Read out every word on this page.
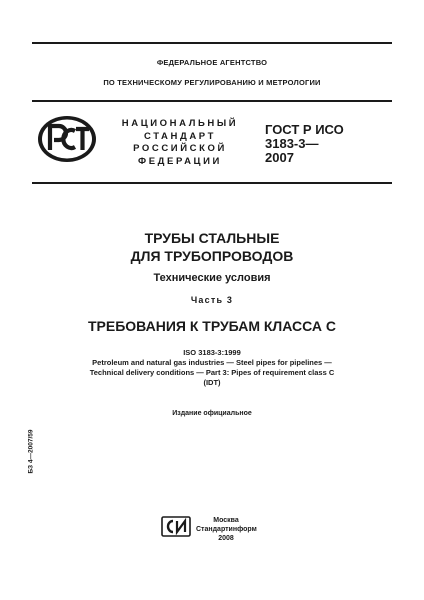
ФЕДЕРАЛЬНОЕ АГЕНТСТВО
ПО ТЕХНИЧЕСКОМУ РЕГУЛИРОВАНИЮ И МЕТРОЛОГИИ
НАЦИОНАЛЬНЫЙ
СТАНДАРТ
РОССИЙСКОЙ
ФЕДЕРАЦИИ
ГОСТ Р ИСО
3183-3—
2007
ТРУБЫ СТАЛЬНЫЕ
ДЛЯ ТРУБОПРОВОДОВ
Технические условия
Часть 3
ТРЕБОВАНИЯ К ТРУБАМ КЛАССА С
ISO 3183-3:1999
Petroleum and natural gas industries — Steel pipes for pipelines —
Technical delivery conditions — Part 3: Pipes of requirement class C
(IDT)
Издание официальное
БЗ 4—2007/59
Москва
Стандартинформ
2008
